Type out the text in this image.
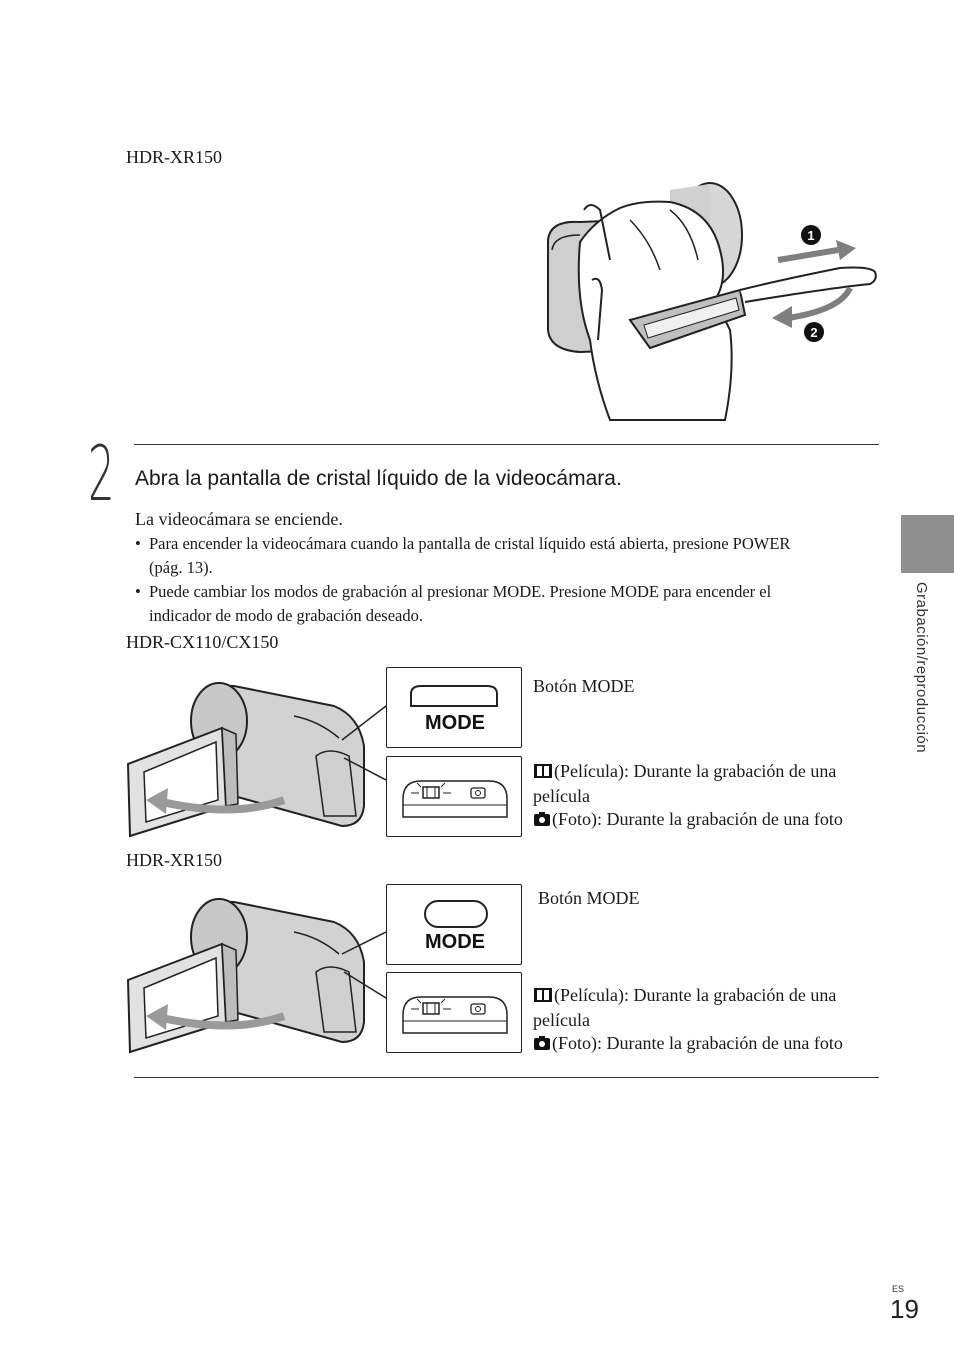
HDR-XR150
1
2
2 Abra la pantalla de cristal líquido de la videocámara.
La videocámara se enciende.
• Para encender la videocámara cuando la pantalla de cristal líquido está abierta, presione POWER
(pág. 13).
• Puede cambiar los modos de grabación al presionar MODE. Presione MODE para encender el
indicador de modo de grabación deseado.
HDR-CX110/CX150
MODE
Botón MODE
(Película): Durante la grabación de una
película
(Foto): Durante la grabación de una foto
HDR-XR150
MODE
Botón MODE
(Película): Durante la grabación de una
película
(Foto): Durante la grabación de una foto
Grabación/reproducción
ES
19
